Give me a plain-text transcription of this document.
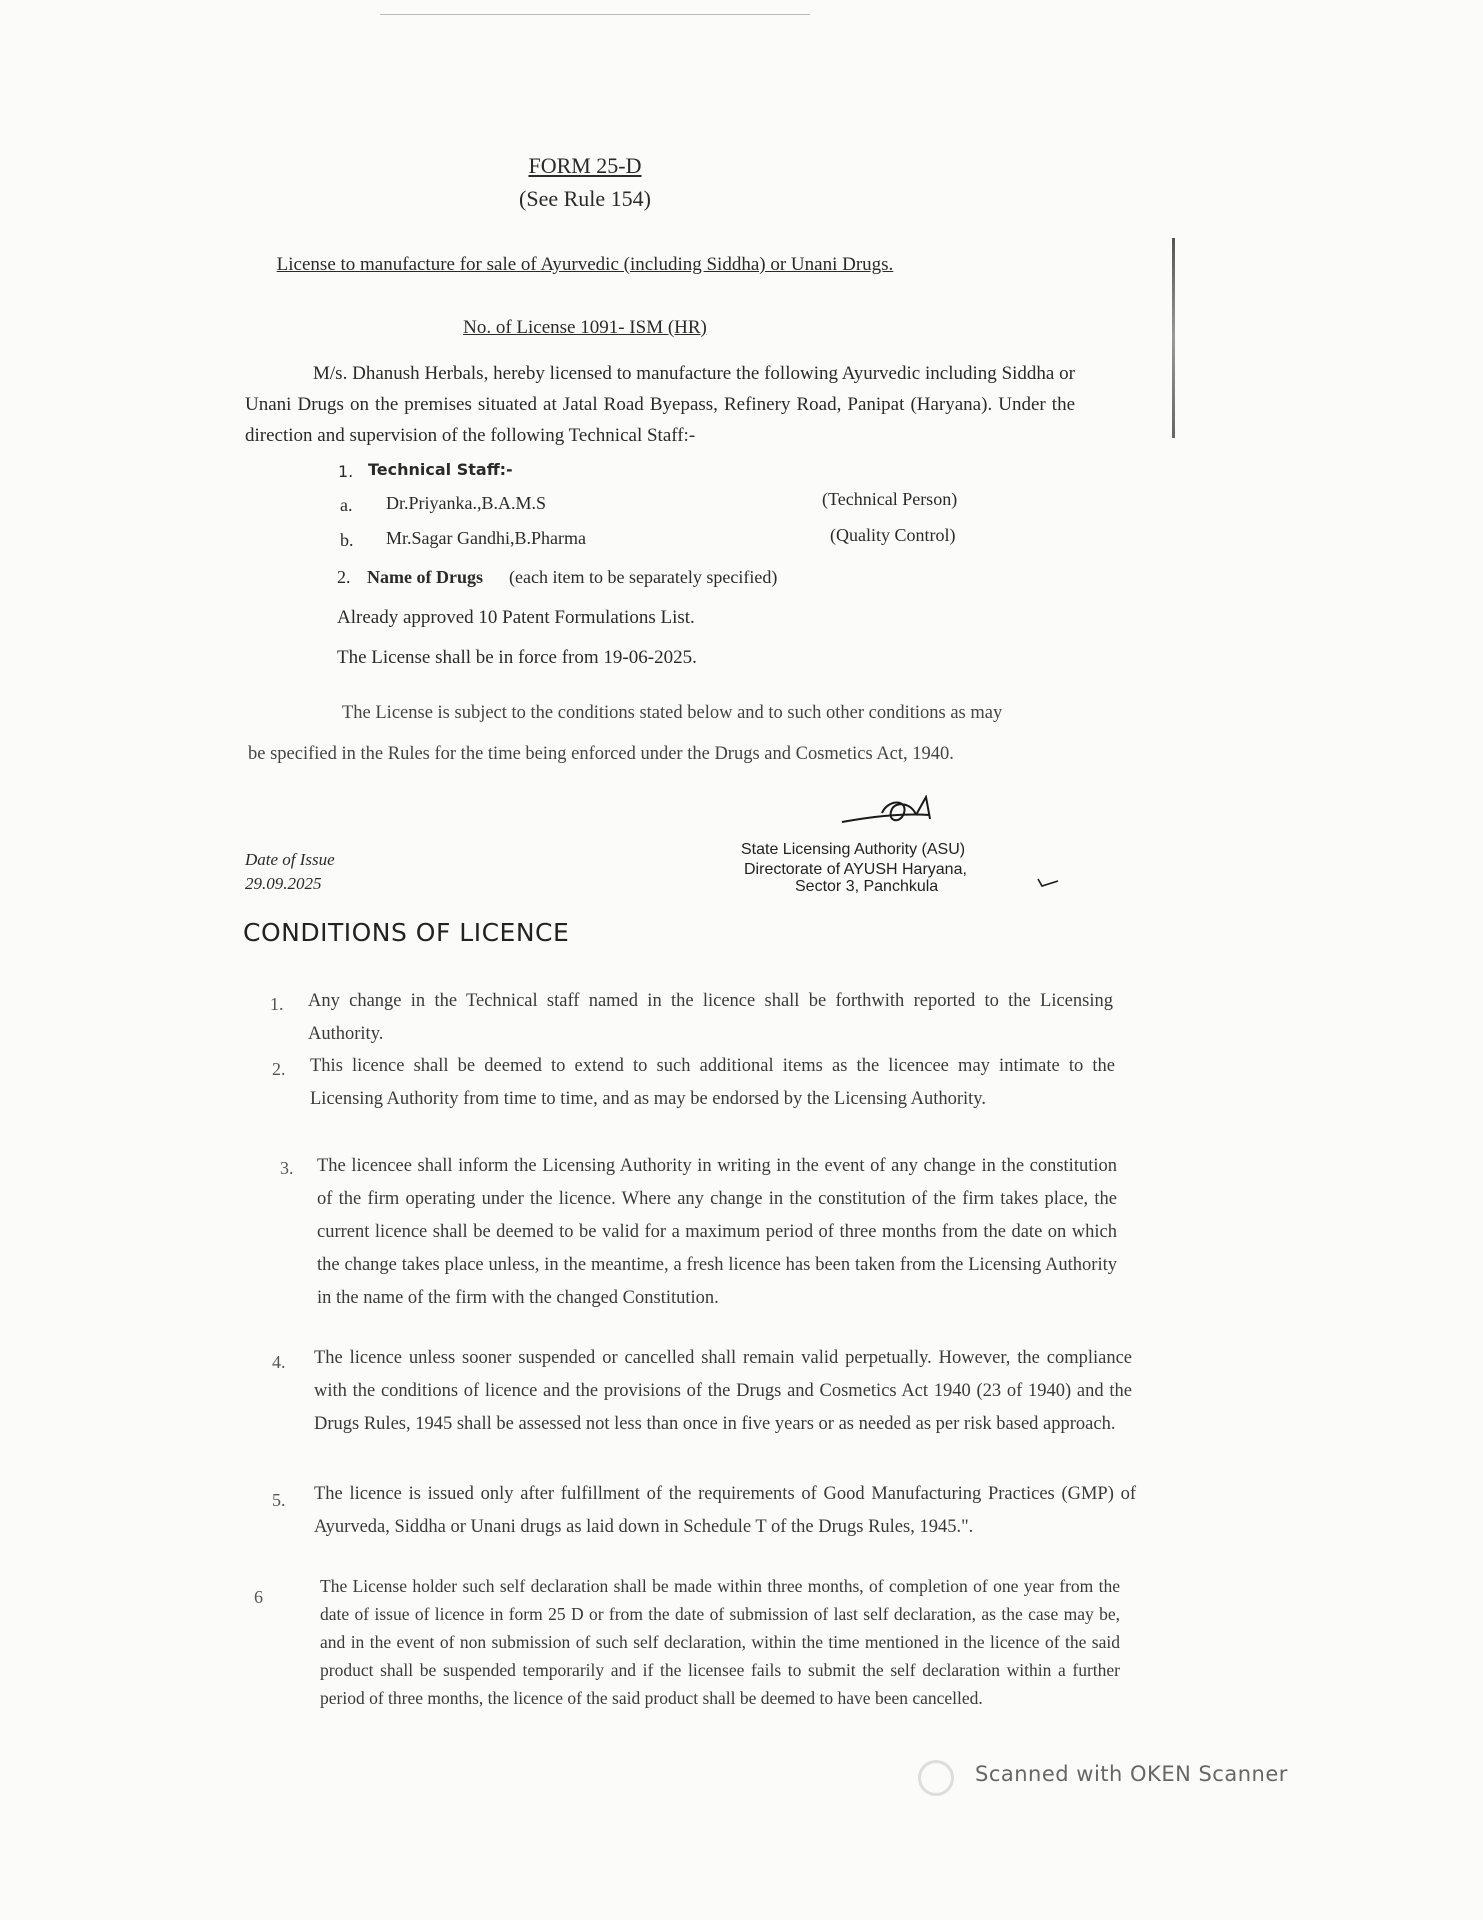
FORM 25-D
(See Rule 154)
License to manufacture for sale of Ayurvedic (including Siddha) or Unani Drugs.
No. of License 1091- ISM (HR)
M/s. Dhanush Herbals, hereby licensed to manufacture the following Ayurvedic including Siddha or Unani Drugs on the premises situated at Jatal Road Byepass, Refinery Road, Panipat (Haryana). Under the direction and supervision of the following Technical Staff:-
1. Technical Staff:-
a. Dr.Priyanka.,B.A.M.S	(Technical Person)
b. Mr.Sagar Gandhi,B.Pharma	(Quality Control)
2. Name of Drugs (each item to be separately specified)
Already approved 10 Patent Formulations List.
The License shall be in force from 19-06-2025.
The License is subject to the conditions stated below and to such other conditions as may
be specified in the Rules for the time being enforced under the Drugs and Cosmetics Act, 1940.
Date of Issue
29.09.2025
State Licensing Authority (ASU)
Directorate of AYUSH Haryana,
Sector 3, Panchkula
CONDITIONS OF LICENCE
1. Any change in the Technical staff named in the licence shall be forthwith reported to the Licensing Authority.
2. This licence shall be deemed to extend to such additional items as the licencee may intimate to the Licensing Authority from time to time, and as may be endorsed by the Licensing Authority.
3. The licencee shall inform the Licensing Authority in writing in the event of any change in the constitution of the firm operating under the licence. Where any change in the constitution of the firm takes place, the current licence shall be deemed to be valid for a maximum period of three months from the date on which the change takes place unless, in the meantime, a fresh licence has been taken from the Licensing Authority in the name of the firm with the changed Constitution.
4. The licence unless sooner suspended or cancelled shall remain valid perpetually. However, the compliance with the conditions of licence and the provisions of the Drugs and Cosmetics Act 1940 (23 of 1940) and the Drugs Rules, 1945 shall be assessed not less than once in five years or as needed as per risk based approach.
5. The licence is issued only after fulfillment of the requirements of Good Manufacturing Practices (GMP) of Ayurveda, Siddha or Unani drugs as laid down in Schedule T of the Drugs Rules, 1945.".
6
The License holder such self declaration shall be made within three months, of completion of one year from the date of issue of licence in form 25 D or from the date of submission of last self declaration, as the case may be, and in the event of non submission of such self declaration, within the time mentioned in the licence of the said product shall be suspended temporarily and if the licensee fails to submit the self declaration within a further period of three months, the licence of the said product shall be deemed to have been cancelled.
Scanned with OKEN Scanner
